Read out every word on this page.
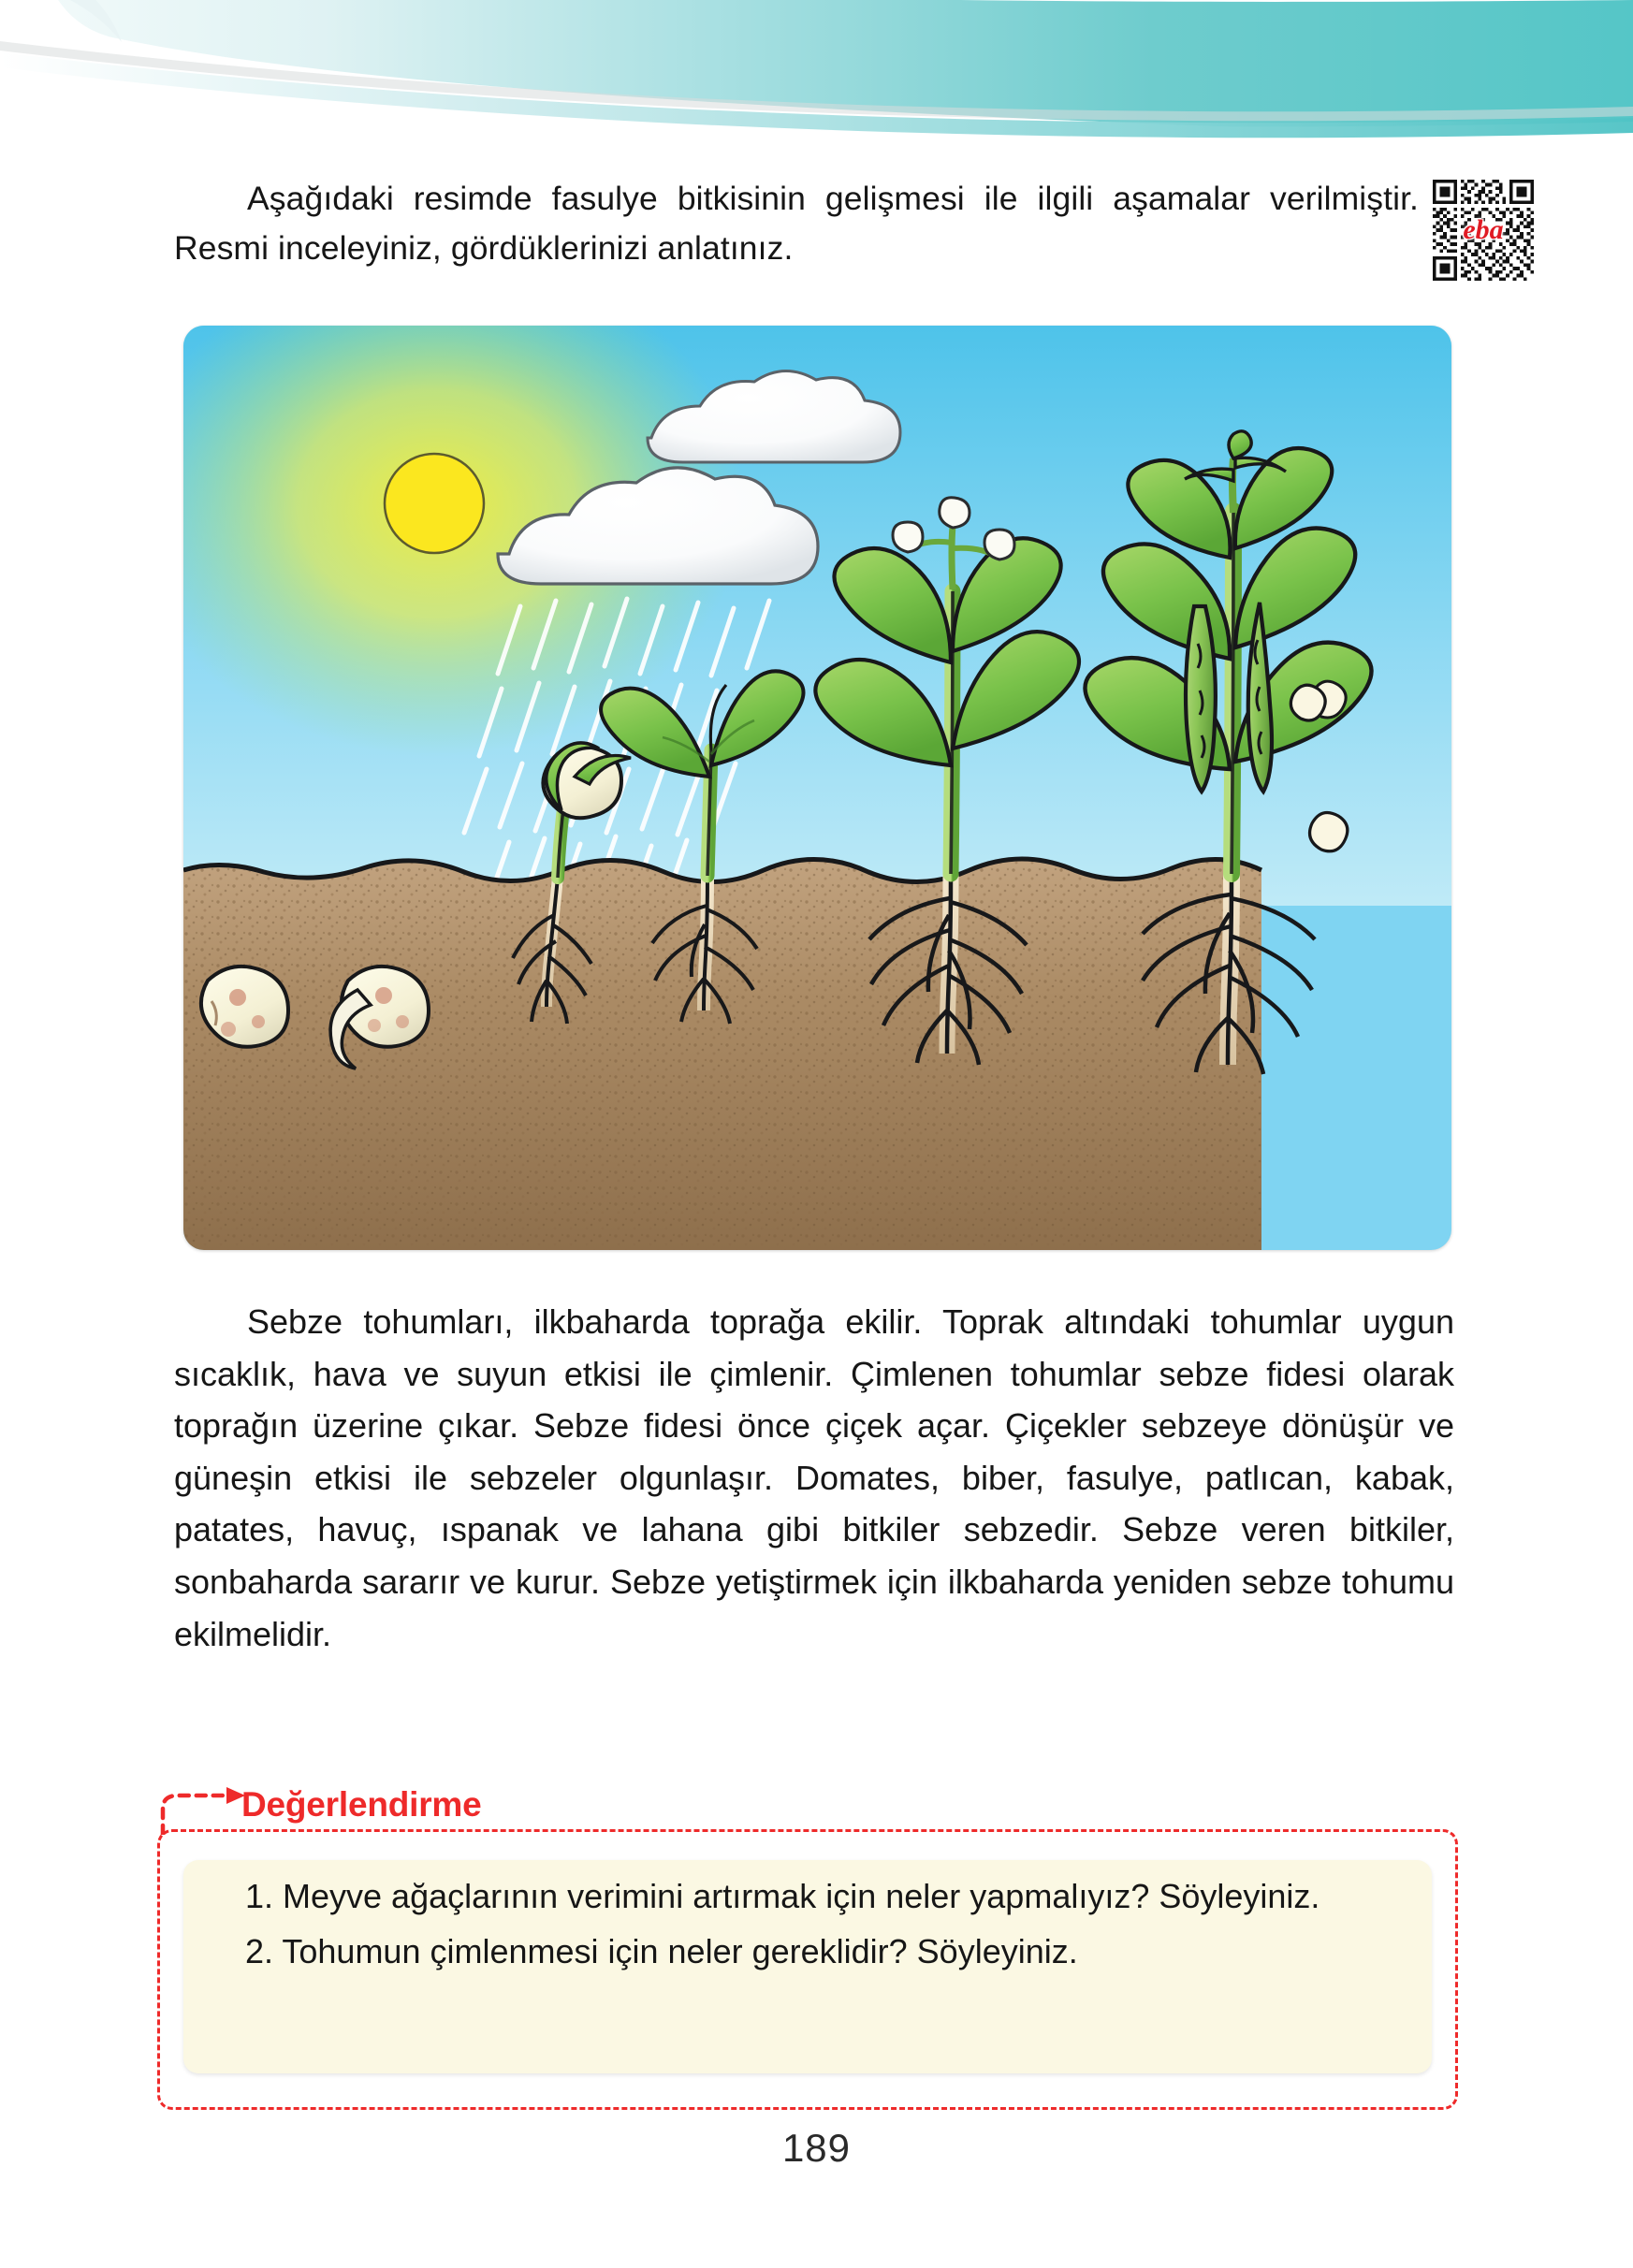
Aşağıdaki resimde fasulye bitkisinin gelişmesi ile ilgili aşamalar verilmiştir. Resmi inceleyiniz, gördüklerinizi anlatınız.	eba
Sebze tohumları, ilkbaharda toprağa ekilir. Toprak altındaki tohumlar uygun sıcaklık, hava ve suyun etkisi ile çimlenir. Çimlenen tohumlar sebze fidesi olarak toprağın üzerine çıkar. Sebze fidesi önce çiçek açar. Çiçekler sebzeye dönüşür ve güneşin etkisi ile sebzeler olgunlaşır. Domates, biber, fasulye, patlıcan, kabak, patates, havuç, ıspanak ve lahana gibi bitkiler sebzedir. Sebze veren bitkiler, sonbaharda sararır ve kurur. Sebze yetiştirmek için ilkbaharda yeniden sebze tohumu ekilmelidir.
Değerlendirme
1. Meyve ağaçlarının verimini artırmak için neler yapmalıyız? Söyleyiniz.
2. Tohumun çimlenmesi için neler gereklidir? Söyleyiniz.
189
